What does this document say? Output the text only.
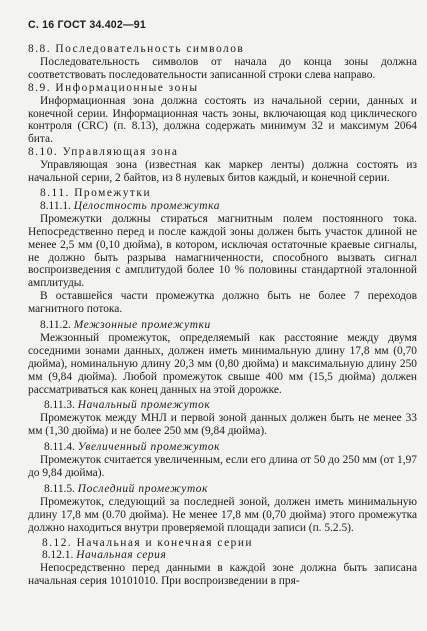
С. 16 ГОСТ 34.402—91
8.8. Последовательность символов
Последовательность символов от начала до конца зоны должна соответствовать последовательности записанной строки слева направо.
8.9. Информационные зоны
Информационная зона должна состоять из начальной серии, данных и конечной серии. Информационная часть зоны, включающая код циклического контроля (CRC) (п. 8.13), должна содержать минимум 32 и максимум 2064 бита.
8.10. Управляющая зона
Управляющая зона (известная как маркер ленты) должна состоять из начальной серии, 2 байтов, из 8 нулевых битов каждый, и конечной серии.
8.11. Промежутки
8.11.1. Целостность промежутка
Промежутки должны стираться магнитным полем постоянного тока. Непосредственно перед и после каждой зоны должен быть участок длиной не менее 2,5 мм (0,10 дюйма), в котором, исключая остаточные краевые сигналы, не должно быть разрыва намагниченности, способного вызвать сигнал воспроизведения с амплитудой более 10 % половины стандартной эталонной амплитуды.
В оставшейся части промежутка должно быть не более 7 переходов магнитного потока.
8.11.2. Межзонные промежутки
Межзонный промежуток, определяемый как расстояние между двумя соседними зонами данных, должен иметь минимальную длину 17,8 мм (0,70 дюйма), номинальную длину 20,3 мм (0,80 дюйма) и максимальную длину 250 мм (9,84 дюйма). Любой промежуток свыше 400 мм (15,5 дюйма) должен рассматриваться как конец данных на этой дорожке.
8.11.3. Начальный промежуток
Промежуток между МНЛ и первой зоной данных должен быть не менее 33 мм (1,30 дюйма) и не более 250 мм (9,84 дюйма).
8.11.4. Увеличенный промежуток
Промежуток считается увеличенным, если его длина от 50 до 250 мм (от 1,97 до 9,84 дюйма).
8.11.5. Последний промежуток
Промежуток, следующий за последней зоной, должен иметь минимальную длину 17,8 мм (0.70 дюйма). Не менее 17,8 мм (0,70 дюйма) этого промежутка должно находиться внутри проверяемой площади записи (п. 5.2.5).
8.12. Начальная и конечная серии
8.12.1. Начальная серия
Непосредственно перед данными в каждой зоне должна быть записана начальная серия 10101010. При воспроизведении в пря-
